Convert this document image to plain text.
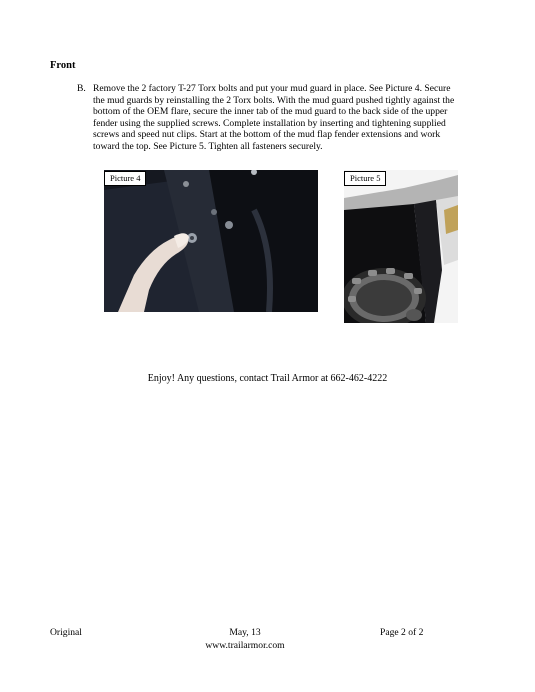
Front
B. Remove the 2 factory T-27 Torx bolts and put your mud guard in place. See Picture 4. Secure the mud guards by reinstalling the 2 Torx bolts. With the mud guard pushed tightly against the bottom of the OEM flare, secure the inner tab of the mud guard to the back side of the upper fender using the supplied screws. Complete installation by inserting and tightening supplied screws and speed nut clips. Start at the bottom of the mud flap fender extensions and work toward the top. See Picture 5. Tighten all fasteners securely.
Picture 4	Picture 5
Enjoy! Any questions, contact Trail Armor at 662-462-4222
Original	May, 13
www.trailarmor.com
Page 2 of 2
